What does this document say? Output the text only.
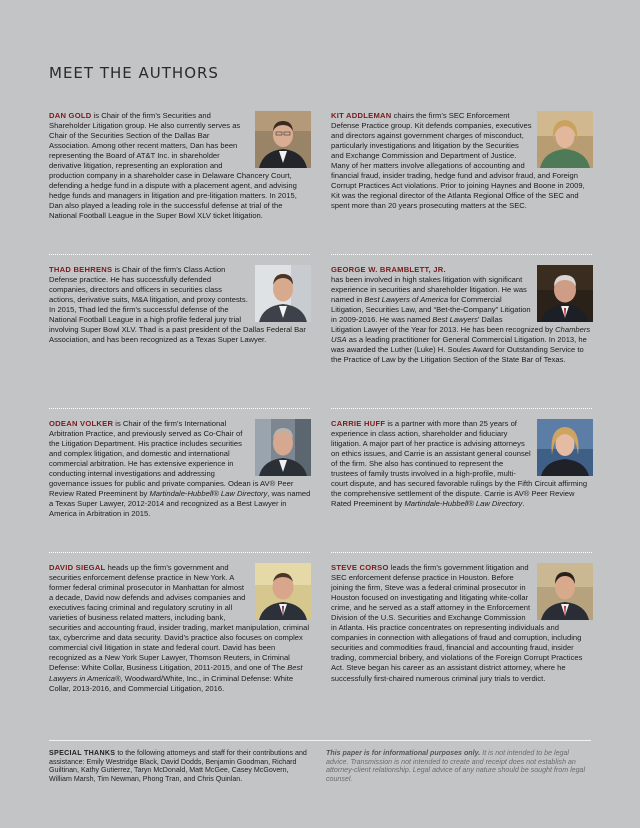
MEET THE AUTHORS
DAN GOLD is Chair of the firm’s Securities and Shareholder Litigation group. He also currently serves as Chair of the Securities Section of the Dallas Bar Association. Among other recent matters, Dan has been representing the Board of AT&T Inc. in shareholder derivative litigation, representing an exploration and production company in a shareholder case in Delaware Chancery Court, defending a hedge fund in a dispute with a placement agent, and advising hedge funds and managers in litigation and pre-litigation matters. In 2015, Dan also played a leading role in the successful defense at trial of the National Football League in the Super Bowl XLV ticket litigation.
KIT ADDLEMAN chairs the firm’s SEC Enforcement Defense Practice group. Kit defends companies, executives and directors against government charges of misconduct, particularly investigations and litigation by the Securities and Exchange Commission and Department of Justice. Many of her matters involve allegations of accounting and financial fraud, insider trading, hedge fund and advisor fraud, and Foreign Corrupt Practices Act violations. Prior to joining Haynes and Boone in 2009, Kit was the regional director of the Atlanta Regional Office of the SEC and spent more than 20 years prosecuting matters at the SEC.
THAD BEHRENS is Chair of the firm’s Class Action Defense practice. He has successfully defended companies, directors and officers in securities class actions, derivative suits, M&A litigation, and proxy contests. In 2015, Thad led the firm’s successful defense of the National Football League in a high profile federal jury trial involving Super Bowl XLV. Thad is a past president of the Dallas Federal Bar Association, and has been recognized as a Texas Super Lawyer.
GEORGE W. BRAMBLETT, JR.
has been involved in high stakes litigation with significant experience in securities and shareholder litigation. He was named in Best Lawyers of America for Commercial Litigation, Securities Law, and “Bet-the-Company” Litigation in 2009-2016. He was named Best Lawyers’ Dallas Litigation Lawyer of the Year for 2013. He has been recognized by Chambers USA as a leading practitioner for General Commercial Litigation. In 2013, he was awarded the Luther (Luke) H. Soules Award for Outstanding Service to the Practice of Law by the Litigation Section of the State Bar of Texas.
ODEAN VOLKER is Chair of the firm’s International Arbitration Practice, and previously served as Co-Chair of the Litigation Department. His practice includes securities and complex litigation, and domestic and international commercial arbitration. He has extensive experience in conducting internal investigations and addressing governance issues for public and private companies. Odean is AV® Peer Review Rated Preeminent by Martindale-Hubbell® Law Directory, was named a Texas Super Lawyer, 2012-2014 and recognized as a Best Lawyer in America in Arbitration in 2015.
CARRIE HUFF is a partner with more than 25 years of experience in class action, shareholder and fiduciary litigation. A major part of her practice is advising attorneys on ethics issues, and Carrie is an assistant general counsel of the firm. She also has continued to represent the trustees of family trusts involved in a high-profile, multi-court dispute, and has secured favorable rulings by the Fifth Circuit affirming the comprehensive settlement of the dispute. Carrie is AV® Peer Review Rated Preeminent by Martindale-Hubbell® Law Directory.
DAVID SIEGAL heads up the firm’s government and securities enforcement defense practice in New York. A former federal criminal prosecutor in Manhattan for almost a decade, David now defends and advises companies and executives facing criminal and regulatory scrutiny in all varieties of business related matters, including bank, securities and accounting fraud, insider trading, market manipulation, criminal tax, cybercrime and data security. David’s practice also focuses on complex commercial civil litigation in state and federal court. David has been recognized as a New York Super Lawyer, Thomson Reuters, in Criminal Defense: White Collar, Business Litigation, 2011-2015, and one of The Best Lawyers in America®, Woodward/White, Inc., in Criminal Defense: White Collar, 2013-2016, and Commercial Litigation, 2016.
STEVE CORSO leads the firm’s government litigation and SEC enforcement defense practice in Houston. Before joining the firm, Steve was a federal criminal prosecutor in Houston focused on investigating and litigating white-collar crime, and he served as a staff attorney in the Enforcement Division of the U.S. Securities and Exchange Commission in Atlanta. His practice concentrates on representing individuals and companies in connection with allegations of fraud and corruption, including securities and commodities fraud, financial and accounting fraud, insider trading, commercial bribery, and violations of the Foreign Corrupt Practices Act. Steve began his career as an assistant district attorney, where he successfully first-chaired numerous criminal jury trials to verdict.
SPECIAL THANKS to the following attorneys and staff for their contributions and assistance: Emily Westridge Black, David Dodds, Benjamin Goodman, Richard Guiltinan, Kathy Gutierrez, Taryn McDonald, Matt McGee, Casey McGovern, William Marsh, Tim Newman, Phong Tran, and Chris Quinlan.
This paper is for informational purposes only. It is not intended to be legal advice. Transmission is not intended to create and receipt does not establish an attorney-client relationship. Legal advice of any nature should be sought from legal counsel.
